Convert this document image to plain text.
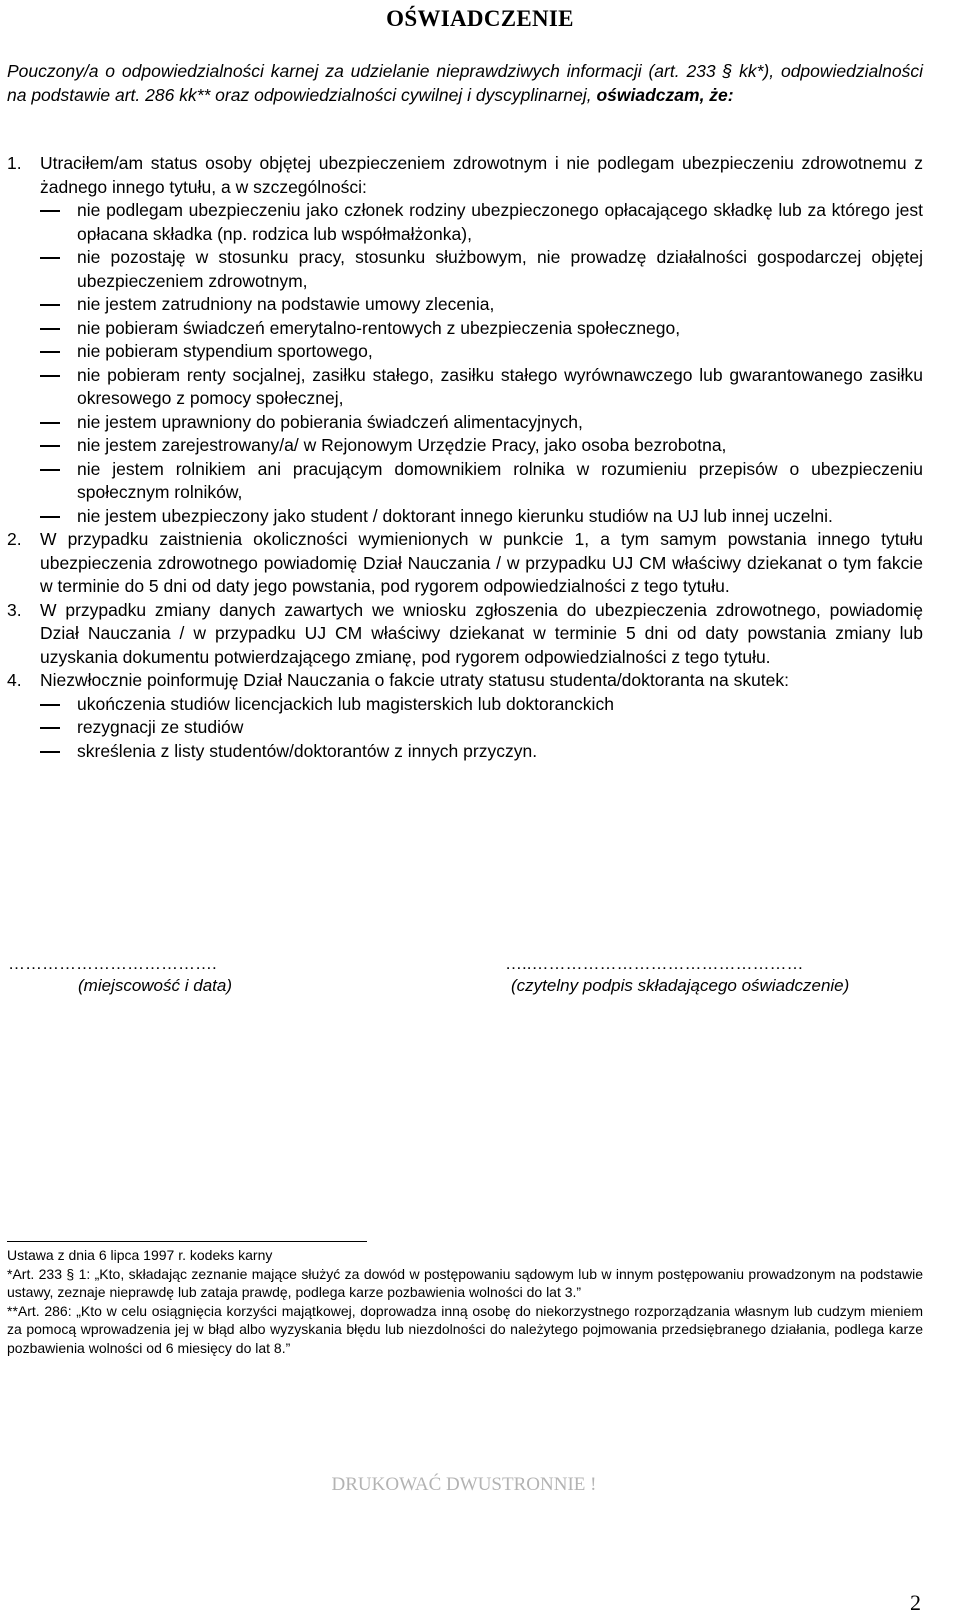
OŚWIADCZENIE
Pouczony/a o odpowiedzialności karnej za udzielanie nieprawdziwych informacji (art. 233 § kk*), odpowiedzialności na podstawie art. 286 kk** oraz odpowiedzialności cywilnej i dyscyplinarnej, oświadczam, że:
1.	Utraciłem/am status osoby objętej ubezpieczeniem zdrowotnym i nie podlegam ubezpieczeniu zdrowotnemu z żadnego innego tytułu, a w szczególności:
nie podlegam ubezpieczeniu jako członek rodziny ubezpieczonego opłacającego składkę lub za którego jest opłacana składka (np. rodzica lub współmałżonka),
nie pozostaję w stosunku pracy, stosunku służbowym, nie prowadzę działalności gospodarczej objętej ubezpieczeniem zdrowotnym,
nie jestem zatrudniony na podstawie umowy zlecenia,
nie pobieram świadczeń emerytalno-rentowych z ubezpieczenia społecznego,
nie pobieram stypendium sportowego,
nie pobieram renty socjalnej, zasiłku stałego, zasiłku stałego wyrównawczego lub gwarantowanego zasiłku okresowego z pomocy społecznej,
nie jestem uprawniony do pobierania świadczeń alimentacyjnych,
nie jestem zarejestrowany/a/ w Rejonowym Urzędzie Pracy, jako osoba bezrobotna,
nie jestem rolnikiem ani pracującym domownikiem rolnika w rozumieniu przepisów o ubezpieczeniu społecznym rolników,
nie jestem ubezpieczony jako student / doktorant innego kierunku studiów na UJ lub innej uczelni.
2.	W przypadku zaistnienia okoliczności wymienionych w punkcie 1, a tym samym powstania innego tytułu ubezpieczenia zdrowotnego powiadomię Dział Nauczania / w przypadku UJ CM właściwy dziekanat o tym fakcie w terminie do 5 dni od daty jego powstania, pod rygorem odpowiedzialności z tego tytułu.
3.	W przypadku zmiany danych zawartych we wniosku zgłoszenia do ubezpieczenia zdrowotnego, powiadomię Dział Nauczania / w przypadku UJ CM właściwy dziekanat w terminie 5 dni od daty powstania zmiany lub uzyskania dokumentu potwierdzającego zmianę, pod rygorem odpowiedzialności z tego tytułu.
4.	Niezwłocznie poinformuję Dział Nauczania o fakcie utraty statusu studenta/doktoranta na skutek:
ukończenia studiów licencjackich lub magisterskich lub doktoranckich
rezygnacji ze studiów
skreślenia z listy studentów/doktorantów z innych przyczyn.
……………………………….
(miejscowość i data)
…..…………………………………………
(czytelny podpis składającego oświadczenie)
Ustawa z dnia 6 lipca 1997 r. kodeks karny
*Art. 233 § 1: „Kto, składając zeznanie mające służyć za dowód w postępowaniu sądowym lub w innym postępowaniu prowadzonym na podstawie ustawy, zeznaje nieprawdę lub zataja prawdę, podlega karze pozbawienia wolności do lat 3.”
**Art. 286: „Kto w celu osiągnięcia korzyści majątkowej, doprowadza inną osobę do niekorzystnego rozporządzania własnym lub cudzym mieniem za pomocą wprowadzenia jej w błąd albo wyzyskania błędu lub niezdolności do należytego pojmowania przedsiębranego działania, podlega karze pozbawienia wolności od 6 miesięcy do lat 8.”
DRUKOWAĆ DWUSTRONNIE !
2
